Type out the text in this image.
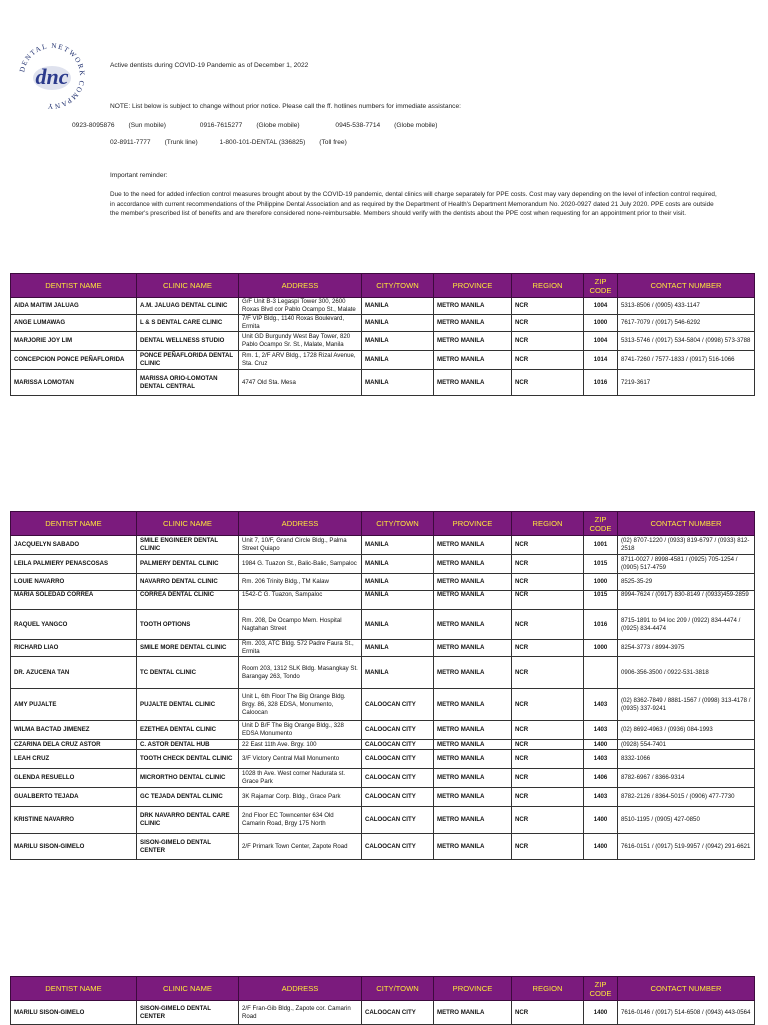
DENTAL NETWORK COMPANY
dnc	Active dentists during COVID-19 Pandemic as of December 1, 2022
NOTE: List below is subject to change without prior notice. Please call the ff. hotlines numbers for immediate assistance:
0923-8095876 (Sun mobile)	0916-7615277 (Globe mobile)	0945-538-7714 (Globe mobile)
02-8911-7777 (Trunk line)	1-800-101-DENTAL (336825) (Toll free)
Important reminder:
Due to the need for added infection control measures brought about by the COVID-19 pandemic, dental clinics will charge separately for PPE costs. Cost may vary depending on the level of infection control required, in accordance with current recommendations of the Philippine Dental Association and as required by the Department of Health's Department Memorandum No. 2020-0927 dated 21 July 2020. PPE costs are outside the member's prescribed list of benefits and are therefore considered none-reimbursable. Members should verify with the dentists about the PPE cost when requesting for an appointment prior to their visit.
DENTIST NAME	CLINIC NAME	ADDRESS	CITY/TOWN	PROVINCE	REGION	ZIP CODE	CONTACT NUMBER
AIDA MAITIM JALUAG	A.M. JALUAG DENTAL CLINIC	G/F Unit B-3 Legaspi Tower 300, 2600 Roxas Blvd cor Pablo Ocampo St., Malate	MANILA	METRO MANILA	NCR	1004	5313-8506 / (0905) 433-1147
ANGE LUMAWAG	L & S DENTAL CARE CLINIC	7/F VIP Bldg., 1140 Roxas Boulevard, Ermita	MANILA	METRO MANILA	NCR	1000	7617-7079 / (0917) 546-6292
MARJORIE JOY LIM	DENTAL WELLNESS STUDIO	Unit GD Burgundy West Bay Tower, 820 Pablo Ocampo Sr. St., Malate, Manila	MANILA	METRO MANILA	NCR	1004	5313-5746 / (0917) 534-5804 / (0998) 573-3788
CONCEPCION PONCE PEÑAFLORIDA	PONCE PEÑAFLORIDA DENTAL CLINIC	Rm. 1, 2/F ARV Bldg., 1728 Rizal Avenue, Sta. Cruz	MANILA	METRO MANILA	NCR	1014	8741-7260 / 7577-1833 / (0917) 516-1066
MARISSA LOMOTAN	MARISSA ORIO-LOMOTAN DENTAL CENTRAL	4747 Old Sta. Mesa	MANILA	METRO MANILA	NCR	1016	7219-3617
DENTIST NAME	CLINIC NAME	ADDRESS	CITY/TOWN	PROVINCE	REGION	ZIP CODE	CONTACT NUMBER
JACQUELYN SABADO	SMILE ENGINEER DENTAL CLINIC	Unit 7, 10/F, Grand Circle Bldg., Palma Street Quiapo	MANILA	METRO MANILA	NCR	1001	(02) 8707-1220 / (0933) 819-6797 / (0933) 812-2518
LEILA PALMIERY PENASCOSAS	PALMIERY DENTAL CLINIC	1984 G. Tuazon St., Balic-Balic, Sampaloc	MANILA	METRO MANILA	NCR	1015	8711-0027 / 8998-4581 / (0925) 705-1254 / (0905) 517-4759
LOUIE NAVARRO	NAVARRO DENTAL CLINIC	Rm. 206 Trinity Bldg., TM Kalaw	MANILA	METRO MANILA	NCR	1000	8525-35-29
MARIA SOLEDAD CORREA	CORREA DENTAL CLINIC	1542-C G. Tuazon, Sampaloc	MANILA	METRO MANILA	NCR	1015	8994-7624 / (0917) 830-8149 / (0933)459-2859
RAQUEL YANGCO	TOOTH OPTIONS	Rm. 208, De Ocampo Mem. Hospital Nagtahan Street	MANILA	METRO MANILA	NCR	1016	8715-1891 to 94 loc 209 / (0922) 834-4474 / (0925) 834-4474
RICHARD LIAO	SMILE MORE DENTAL CLINIC	Rm. 203, ATC Bldg. 572 Padre Faura St., Ermita	MANILA	METRO MANILA	NCR	1000	8254-3773 / 8994-3975
DR. AZUCENA TAN	TC DENTAL CLINIC	Room 203, 1312 SLK Bldg. Masangkay St. Barangay 263, Tondo	MANILA	METRO MANILA	NCR		0906-356-3500 / 0922-531-3818
AMY PUJALTE	PUJALTE DENTAL CLINIC	Unit L, 6th Floor The Big Orange Bldg. Brgy. 86, 328 EDSA, Monumento, Caloocan	CALOOCAN CITY	METRO MANILA	NCR	1403	(02) 8362-7849 / 8881-1567 / (0998) 313-4178 / (0935) 337-9241
WILMA BACTAD JIMENEZ	EZETHEA DENTAL CLINIC	Unit D B/F The Big Orange Bldg., 328 EDSA Monumento	CALOOCAN CITY	METRO MANILA	NCR	1403	(02) 8692-4963 / (0936) 084-1993
CZARINA DELA CRUZ ASTOR	C. ASTOR DENTAL HUB	22 East 11th Ave. Brgy. 100	CALOOCAN CITY	METRO MANILA	NCR	1400	(0928) 554-7401
LEAH CRUZ	TOOTH CHECK DENTAL CLINIC	3/F Victory Central Mall Monumento	CALOOCAN CITY	METRO MANILA	NCR	1403	8332-1066
GLENDA RESUELLO	MICRORTHO DENTAL CLINIC	1028 th Ave. West corner Nadurata st. Grace Park	CALOOCAN CITY	METRO MANILA	NCR	1406	8782-6967 / 8366-9314
GUALBERTO TEJADA	GC TEJADA DENTAL CLINIC	3K Rajamar Corp. Bldg., Grace Park	CALOOCAN CITY	METRO MANILA	NCR	1403	8782-2126 / 8364-5015 / (0906) 477-7730
KRISTINE NAVARRO	DRK NAVARRO DENTAL CARE CLINIC	2nd Floor EC Towncenter 634 Old Camarin Road, Brgy 175 North	CALOOCAN CITY	METRO MANILA	NCR	1400	8510-1195 / (0905) 427-0850
MARILU SISON-GIMELO	SISON-GIMELO DENTAL CENTER	2/F Primark Town Center, Zapote Road	CALOOCAN CITY	METRO MANILA	NCR	1400	7616-0151 / (0917) 519-9957 / (0942) 291-6621
DENTIST NAME	CLINIC NAME	ADDRESS	CITY/TOWN	PROVINCE	REGION	ZIP CODE	CONTACT NUMBER
MARILU SISON-GIMELO	SISON-GIMELO DENTAL CENTER	2/F Fran-Gib Bldg., Zapote cor. Camarin Road	CALOOCAN CITY	METRO MANILA	NCR	1400	7616-0146 / (0917) 514-6508 / (0943) 443-0564
